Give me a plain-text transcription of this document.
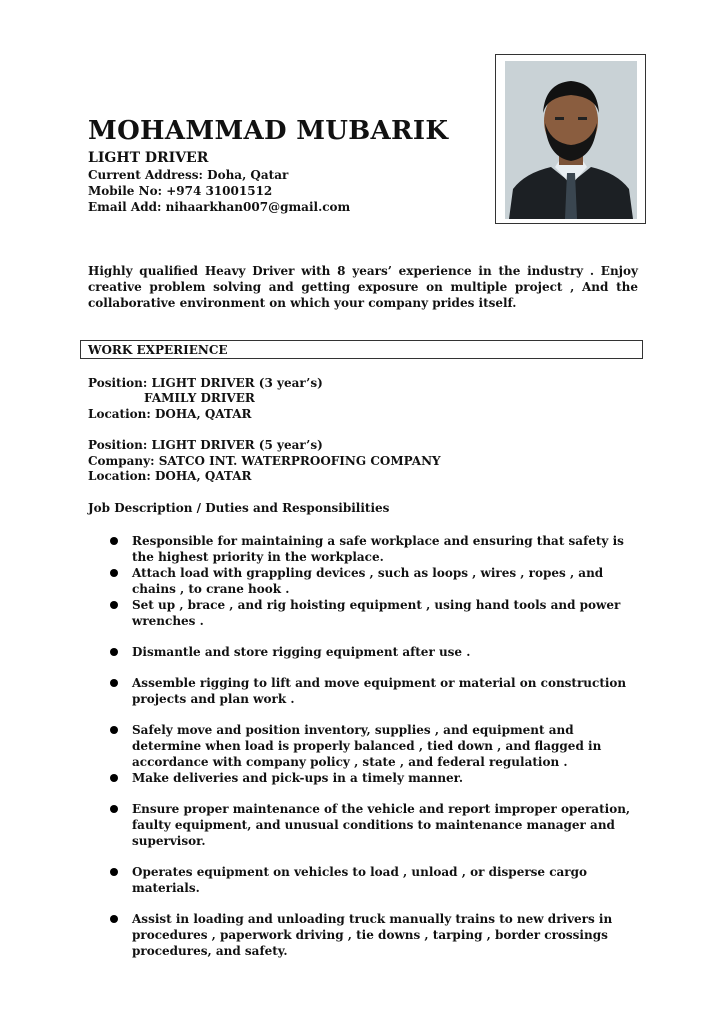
MOHAMMAD MUBARIK
LIGHT DRIVER
Current Address: Doha, Qatar
Mobile No: +974 31001512
Email Add: nihaarkhan007@gmail.com
Highly qualified Heavy Driver with 8 years’ experience in the industry . Enjoy creative problem solving and getting exposure on multiple project , And the collaborative environment on which your company prides itself.
WORK EXPERIENCE
Position: LIGHT DRIVER (3 year’s)
FAMILY DRIVER
Location: DOHA, QATAR
Position: LIGHT DRIVER (5 year’s)
Company: SATCO INT. WATERPROOFING COMPANY
Location: DOHA, QATAR
Job Description / Duties and Responsibilities
Responsible for maintaining a safe workplace and ensuring that safety is the highest priority in the workplace.
Attach load with grappling devices , such as loops , wires , ropes , and chains , to crane hook .
Set up , brace , and rig hoisting equipment , using hand tools and power wrenches .
Dismantle and store rigging equipment after use .
Assemble rigging to lift and move equipment or material on construction projects and plan work .
Safely move and position inventory, supplies , and equipment and determine when load is properly balanced , tied down , and flagged in accordance with company policy , state , and federal regulation .
Make deliveries and pick-ups in a timely manner.
Ensure proper maintenance of the vehicle and report improper operation, faulty equipment, and unusual conditions to maintenance manager and supervisor.
Operates equipment on vehicles to load , unload , or disperse cargo materials.
Assist in loading and unloading truck manually trains to new drivers in procedures , paperwork driving , tie downs , tarping , border crossings procedures, and safety.
